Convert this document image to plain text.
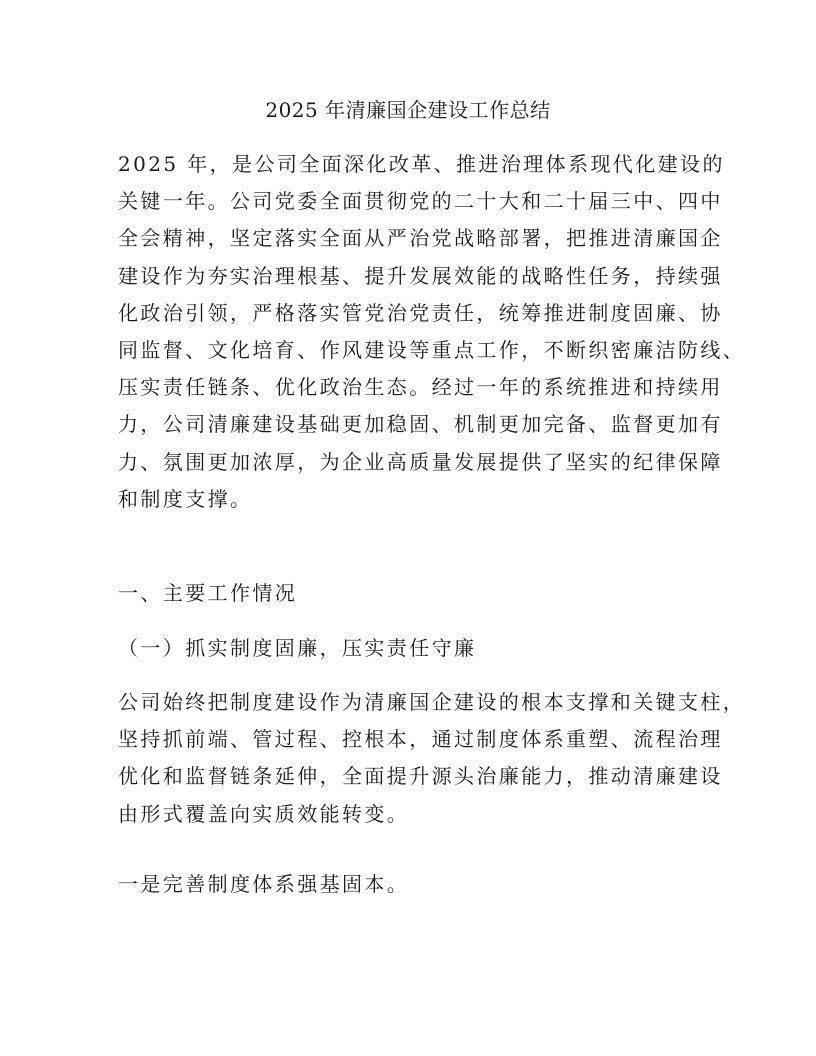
2025 年清廉国企建设工作总结

2025 年，是公司全面深化改革、推进治理体系现代化建设的
关键一年。公司党委全面贯彻党的二十大和二十届三中、四中
全会精神，坚定落实全面从严治党战略部署，把推进清廉国企
建设作为夯实治理根基、提升发展效能的战略性任务，持续强
化政治引领，严格落实管党治党责任，统筹推进制度固廉、协
同监督、文化培育、作风建设等重点工作，不断织密廉洁防线、
压实责任链条、优化政治生态。经过一年的系统推进和持续用
力，公司清廉建设基础更加稳固、机制更加完备、监督更加有
力、氛围更加浓厚，为企业高质量发展提供了坚实的纪律保障
和制度支撑。

一、主要工作情况

（一）抓实制度固廉，压实责任守廉

公司始终把制度建设作为清廉国企建设的根本支撑和关键支柱，
坚持抓前端、管过程、控根本，通过制度体系重塑、流程治理
优化和监督链条延伸，全面提升源头治廉能力，推动清廉建设
由形式覆盖向实质效能转变。

一是完善制度体系强基固本。
